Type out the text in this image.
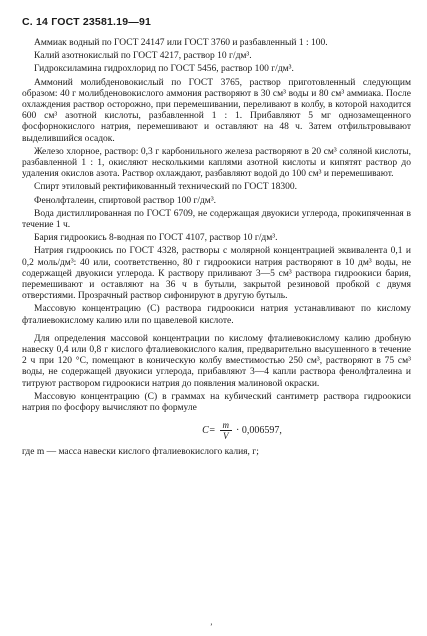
С. 14 ГОСТ 23581.19—91

Аммиак водный по ГОСТ 24147 или ГОСТ 3760 и разбавленный 1 : 100.

Калий азотнокислый по ГОСТ 4217, раствор 10 г/дм³.

Гидроксиламина гидрохлорид по ГОСТ 5456, раствор 100 г/дм³.

Аммоний молибденовокислый по ГОСТ 3765, раствор приготовленный следующим образом: 40 г молибденовокислого аммония растворяют в 30 см³ воды и 80 см³ аммиака. После охлаждения раствор осторожно, при перемешивании, переливают в колбу, в которой находится 600 см³ азотной кислоты, разбавленной 1 : 1. Прибавляют 5 мг однозамещенного фосфорнокислого натрия, перемешивают и оставляют на 48 ч. Затем отфильтровывают выделившийся осадок.

Железо хлорное, раствор: 0,3 г карбонильного железа растворяют в 20 см³ соляной кислоты, разбавленной 1 : 1, окисляют несколькими каплями азотной кислоты и кипятят раствор до удаления окислов азота. Раствор охлаждают, разбавляют водой до 100 см³ и перемешивают.

Спирт этиловый ректификованный технический по ГОСТ 18300.

Фенолфталеин, спиртовой раствор 100 г/дм³.

Вода дистиллированная по ГОСТ 6709, не содержащая двуокиси углерода, прокипяченная в течение 1 ч.

Бария гидроокись 8-водная по ГОСТ 4107, раствор 10 г/дм³.

Натрия гидроокись по ГОСТ 4328, растворы с молярной концентрацией эквивалента 0,1 и 0,2 моль/дм³: 40 или, соответственно, 80 г гидроокиси натрия растворяют в 10 дм³ воды, не содержащей двуокиси углерода. К раствору приливают 3—5 см³ раствора гидроокиси бария, перемешивают и оставляют на 36 ч в бутыли, закрытой резиновой пробкой с двумя отверстиями. Прозрачный раствор сифонируют в другую бутыль.

Массовую концентрацию (С) раствора гидроокиси натрия устанавливают по кислому фталиевокислому калию или по щавелевой кислоте.

Для определения массовой концентрации по кислому фталиевокислому калию дробную навеску 0,4 или 0,8 г кислого фталиевокислого калия, предварительно высушенного в течение 2 ч при 120 °С, помещают в коническую колбу вместимостью 250 см³, растворяют в 75 см³ воды, не содержащей двуокиси углерода, прибавляют 3—4 капли раствора фенолфталеина и титруют раствором гидроокиси натрия до появления малиновой окраски.

Массовую концентрацию (С) в граммах на кубический сантиметр раствора гидроокиси натрия по фосфору вычисляют по формуле

$C= \frac{m}{V} \cdot 0,006597$,
где m — масса навески кислого фталиевокислого калия, г;
ʼ
